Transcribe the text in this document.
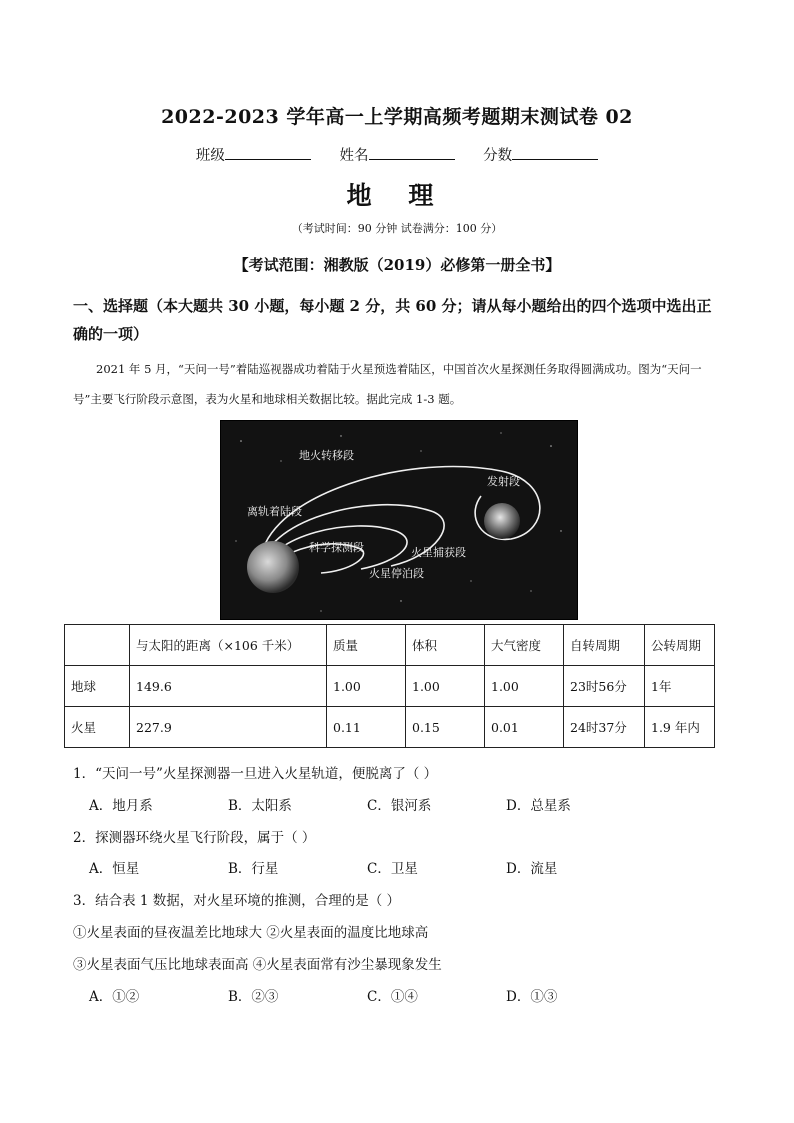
2022-2023 学年高一上学期高频考题期末测试卷 02
班级	姓名	分数
地 理
（考试时间：90 分钟 试卷满分：100 分）
【考试范围：湘教版（2019）必修第一册全书】
一、选择题（本大题共 30 小题，每小题 2 分，共 60 分；请从每小题给出的四个选项中选出正确的一项）
2021 年 5 月，“天问一号”着陆巡视器成功着陆于火星预选着陆区，中国首次火星探测任务取得圆满成功。图为“天问一号”主要飞行阶段示意图，表为火星和地球相关数据比较。据此完成 1-3 题。
地火转移段
发射段
离轨着陆段
科学探测段	火星捕获段
火星停泊段
	与太阳的距离（×106 千米）	质量	体积	大气密度	自转周期	公转周期
地球	149.6	1.00	1.00	1.00	23时56分	1年
火星	227.9	0.11	0.15	0.01	24时37分	1.9 年内
1．“天问一号”火星探测器一旦进入火星轨道，便脱离了（ ）
A．地月系	B．太阳系	C．银河系	D．总星系
2．探测器环绕火星飞行阶段，属于（ ）
A．恒星	B．行星	C．卫星	D．流星
3．结合表 1 数据，对火星环境的推测，合理的是（ ）
①火星表面的昼夜温差比地球大 ②火星表面的温度比地球高
③火星表面气压比地球表面高 ④火星表面常有沙尘暴现象发生
A．①②	B．②③	C．①④	D．①③
